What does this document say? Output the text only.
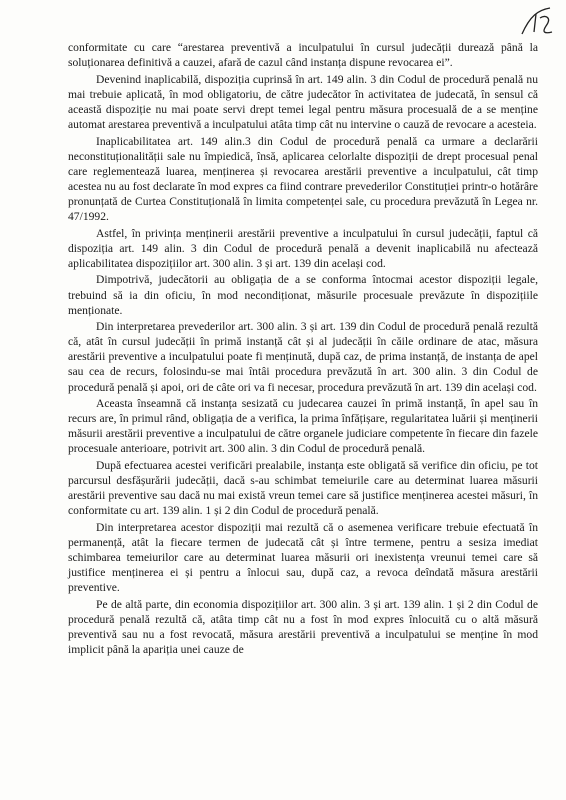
conformitate cu care “arestarea preventivă a inculpatului în cursul judecății durează până la soluționarea definitivă a cauzei, afară de cazul când instanța dispune revocarea ei”.

Devenind inaplicabilă, dispoziția cuprinsă în art. 149 alin. 3 din Codul de procedură penală nu mai trebuie aplicată, în mod obligatoriu, de către judecător în activitatea de judecată, în sensul că această dispoziție nu mai poate servi drept temei legal pentru măsura procesuală de a se menține automat arestarea preventivă a inculpatului atâta timp cât nu intervine o cauză de revocare a acesteia.

Inaplicabilitatea art. 149 alin.3 din Codul de procedură penală ca urmare a declarării neconstituționalității sale nu împiedică, însă, aplicarea celorlalte dispoziții de drept procesual penal care reglementează luarea, menținerea și revocarea arestării preventive a inculpatului, cât timp acestea nu au fost declarate în mod expres ca fiind contrare prevederilor Constituției printr-o hotărâre pronunțată de Curtea Constituțională în limita competenței sale, cu procedura prevăzută în Legea nr. 47/1992.

Astfel, în privința menținerii arestării preventive a inculpatului în cursul judecății, faptul că dispoziția art. 149 alin. 3 din Codul de procedură penală a devenit inaplicabilă nu afectează aplicabilitatea dispozițiilor art. 300 alin. 3 și art. 139 din același cod.

Dimpotrivă, judecătorii au obligația de a se conforma întocmai acestor dispoziții legale, trebuind să ia din oficiu, în mod necondiționat, măsurile procesuale prevăzute în dispozițiile menționate.

Din interpretarea prevederilor art. 300 alin. 3 și art. 139 din Codul de procedură penală rezultă că, atât în cursul judecății în primă instanță cât și al judecății în căile ordinare de atac, măsura arestării preventive a inculpatului poate fi menținută, după caz, de prima instanță, de instanța de apel sau cea de recurs, folosindu-se mai întâi procedura prevăzută în art. 300 alin. 3 din Codul de procedură penală și apoi, ori de câte ori va fi necesar, procedura prevăzută în art. 139 din același cod.

Aceasta înseamnă că instanța sesizată cu judecarea cauzei în primă instanță, în apel sau în recurs are, în primul rând, obligația de a verifica, la prima înfățișare, regularitatea luării și menținerii măsurii arestării preventive a inculpatului de către organele judiciare competente în fiecare din fazele procesuale anterioare, potrivit art. 300 alin. 3 din Codul de procedură penală.

După efectuarea acestei verificări prealabile, instanța este obligată să verifice din oficiu, pe tot parcursul desfășurării judecății, dacă s-au schimbat temeiurile care au determinat luarea măsurii arestării preventive sau dacă nu mai există vreun temei care să justifice menținerea acestei măsuri, în conformitate cu art. 139 alin. 1 și 2 din Codul de procedură penală.

Din interpretarea acestor dispoziții mai rezultă că o asemenea verificare trebuie efectuată în permanență, atât la fiecare termen de judecată cât și între termene, pentru a sesiza imediat schimbarea temeiurilor care au determinat luarea măsurii ori inexistența vreunui temei care să justifice menținerea ei și pentru a înlocui sau, după caz, a revoca deîndată măsura arestării preventive.

Pe de altă parte, din economia dispozițiilor art. 300 alin. 3 și art. 139 alin. 1 și 2 din Codul de procedură penală rezultă că, atâta timp cât nu a fost în mod expres înlocuită cu o altă măsură preventivă sau nu a fost revocată, măsura arestării preventivă a inculpatului se menține în mod implicit până la apariția unei cauze de
